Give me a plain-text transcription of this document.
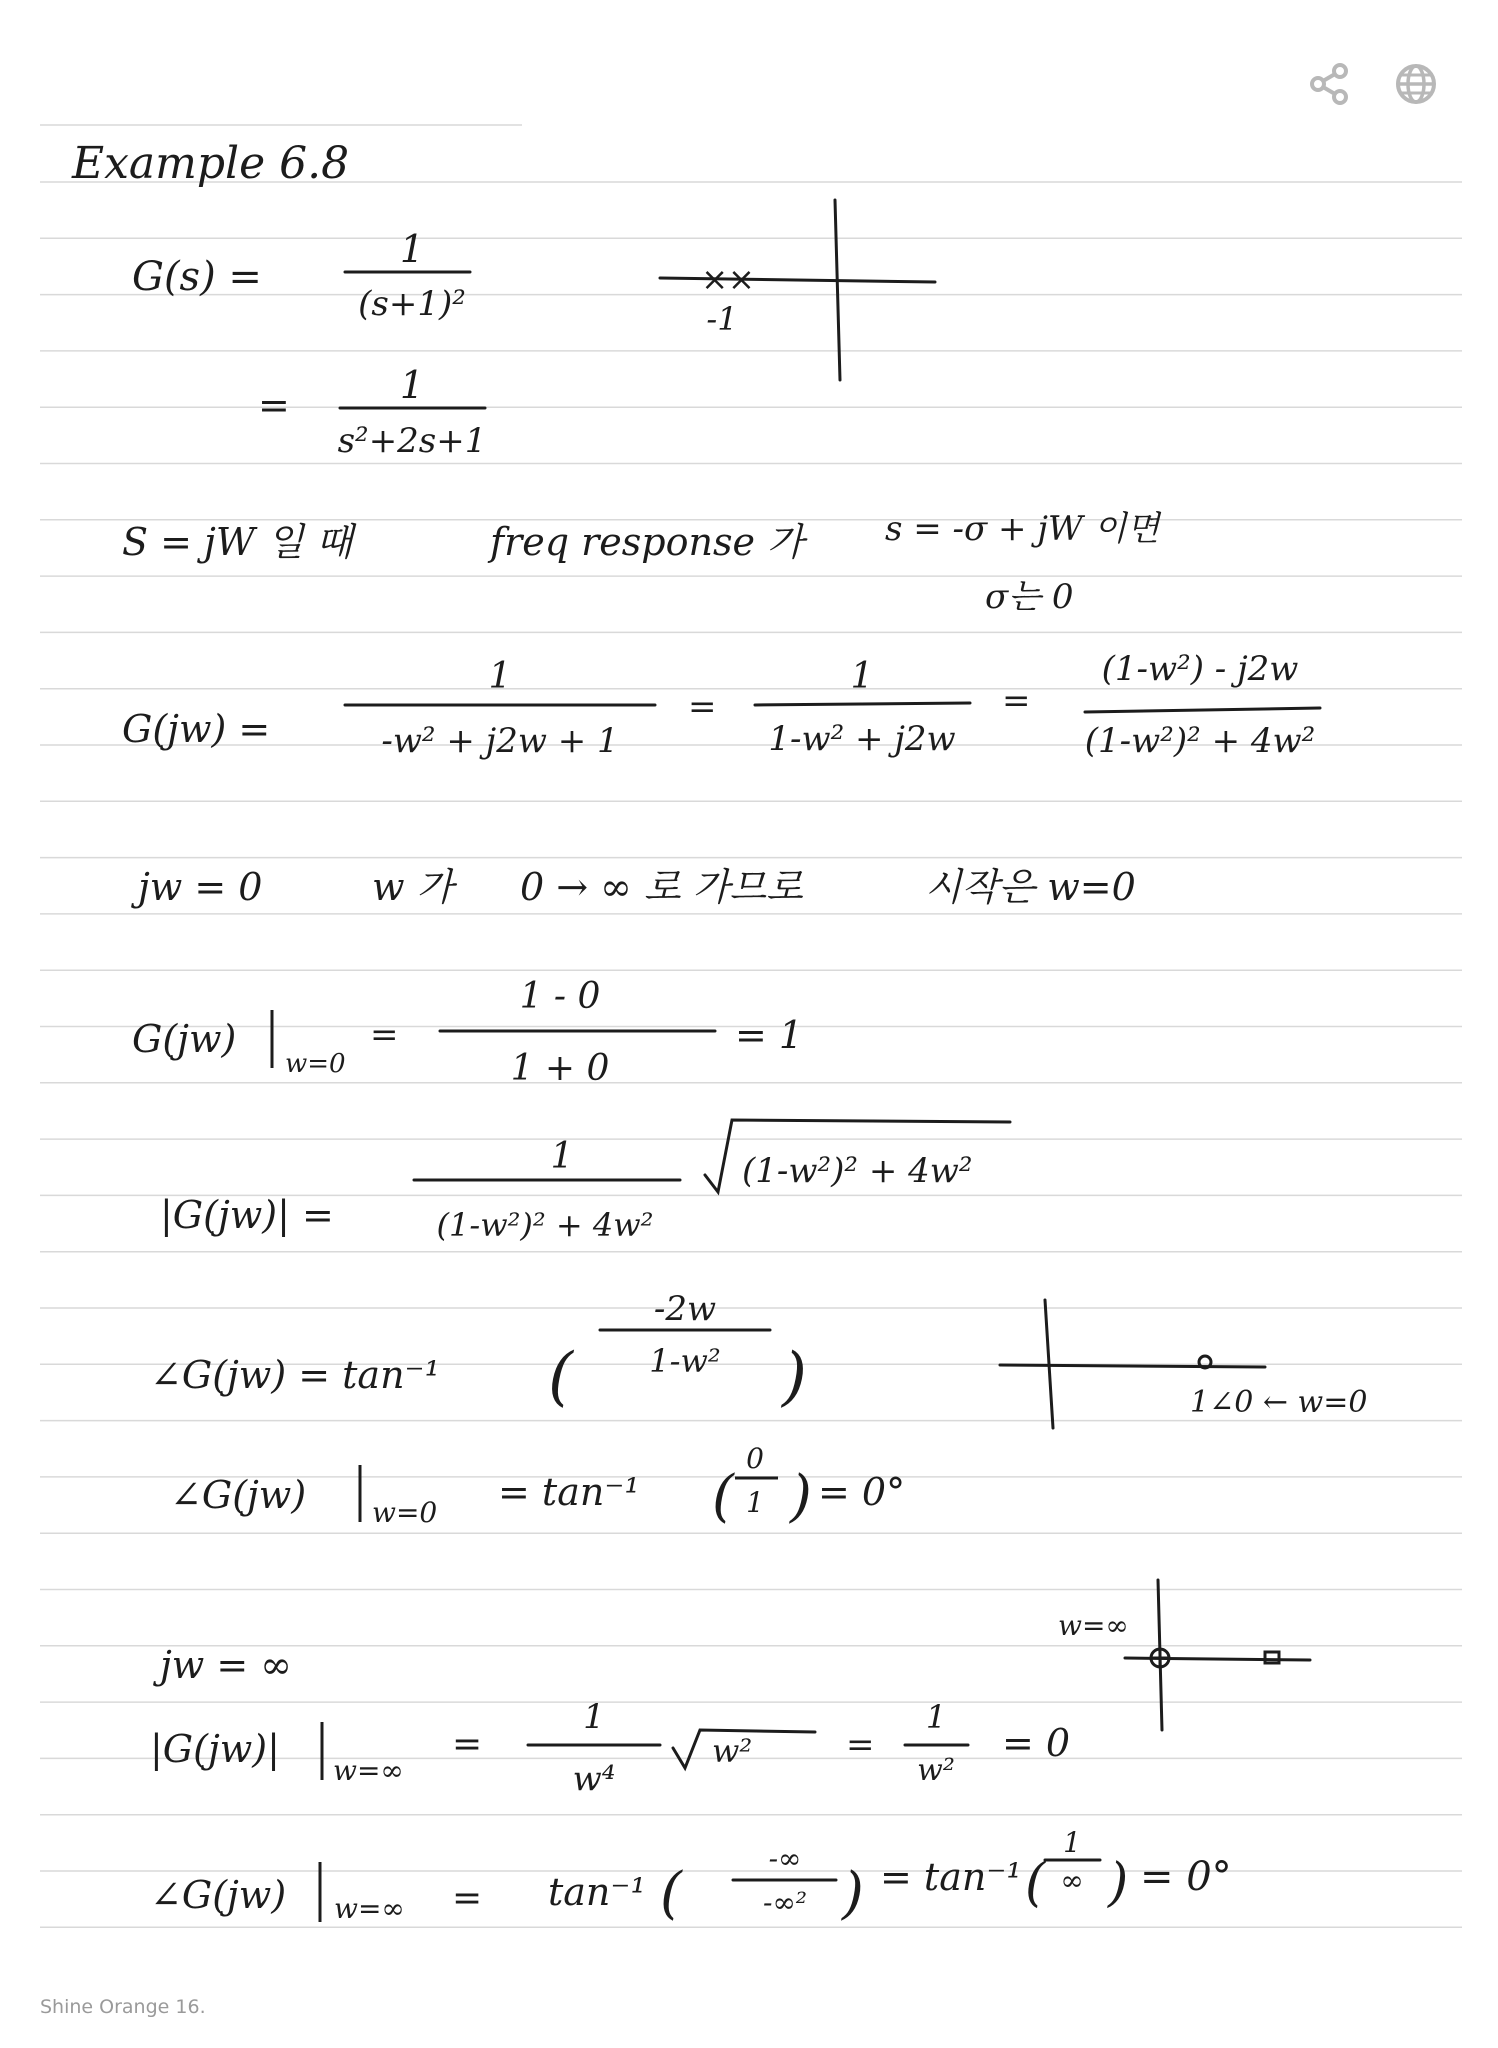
Example 6.8
G(s) =
1
(s+1)²
=	1
s²+2s+1
××
-1
S = jW 일 때	freq response 가 s = -σ + jW 이면
σ는 0
G(jw) =
1
-w² + j2w + 1
=
1
1-w² + j2w
=
(1-w²) - j2w
(1-w²)² + 4w²
jw = 0	w 가 0 → ∞ 로 가므로	시작은 w=0
G(jw)
w=0
=
1 - 0
1 + 0
= 1
|G(jw)| =
1
(1-w²)² + 4w²
(1-w²)² + 4w²
∠G(jw) = tan⁻¹ (
-2w
1-w² )	1∠0 ← w=0
∠G(jw) w=0 = tan⁻¹ (
0
1 ) = 0°
w=∞
jw = ∞
|G(jw)| w=∞
=
1
w⁴
w²	=
1
w²
= 0
∠G(jw) w=∞ = tan⁻¹ (
-∞
-∞² ) = tan⁻¹ (
1
∞ ) = 0°
Shine Orange 16.
